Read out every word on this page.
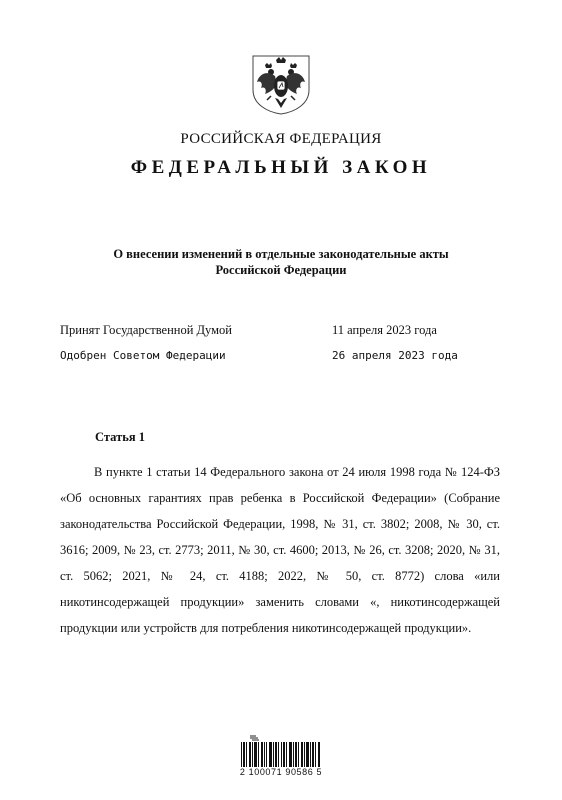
РОССИЙСКАЯ ФЕДЕРАЦИЯ
ФЕДЕРАЛЬНЫЙ ЗАКОН
О внесении изменений в отдельные законодательные акты
Российской Федерации
Принят Государственной Думой	11 апреля 2023 года
Одобрен Советом Федерации	26 апреля 2023 года
Статья 1

В пункте 1 статьи 14 Федерального закона от 24 июля 1998 года № 124-ФЗ «Об основных гарантиях прав ребенка в Российской Федерации» (Собрание законодательства Российской Федерации, 1998, № 31, ст. 3802; 2008, № 30, ст. 3616; 2009, № 23, ст. 2773; 2011, № 30, ст. 4600; 2013, № 26, ст. 3208; 2020, № 31, ст. 5062; 2021, № 24, ст. 4188; 2022, № 50, ст. 8772) слова «или никотинсодержащей продукции» заменить словами «, никотинсодержащей продукции или устройств для потребления никотинсодержащей продукции».

2 100071 90586 5
